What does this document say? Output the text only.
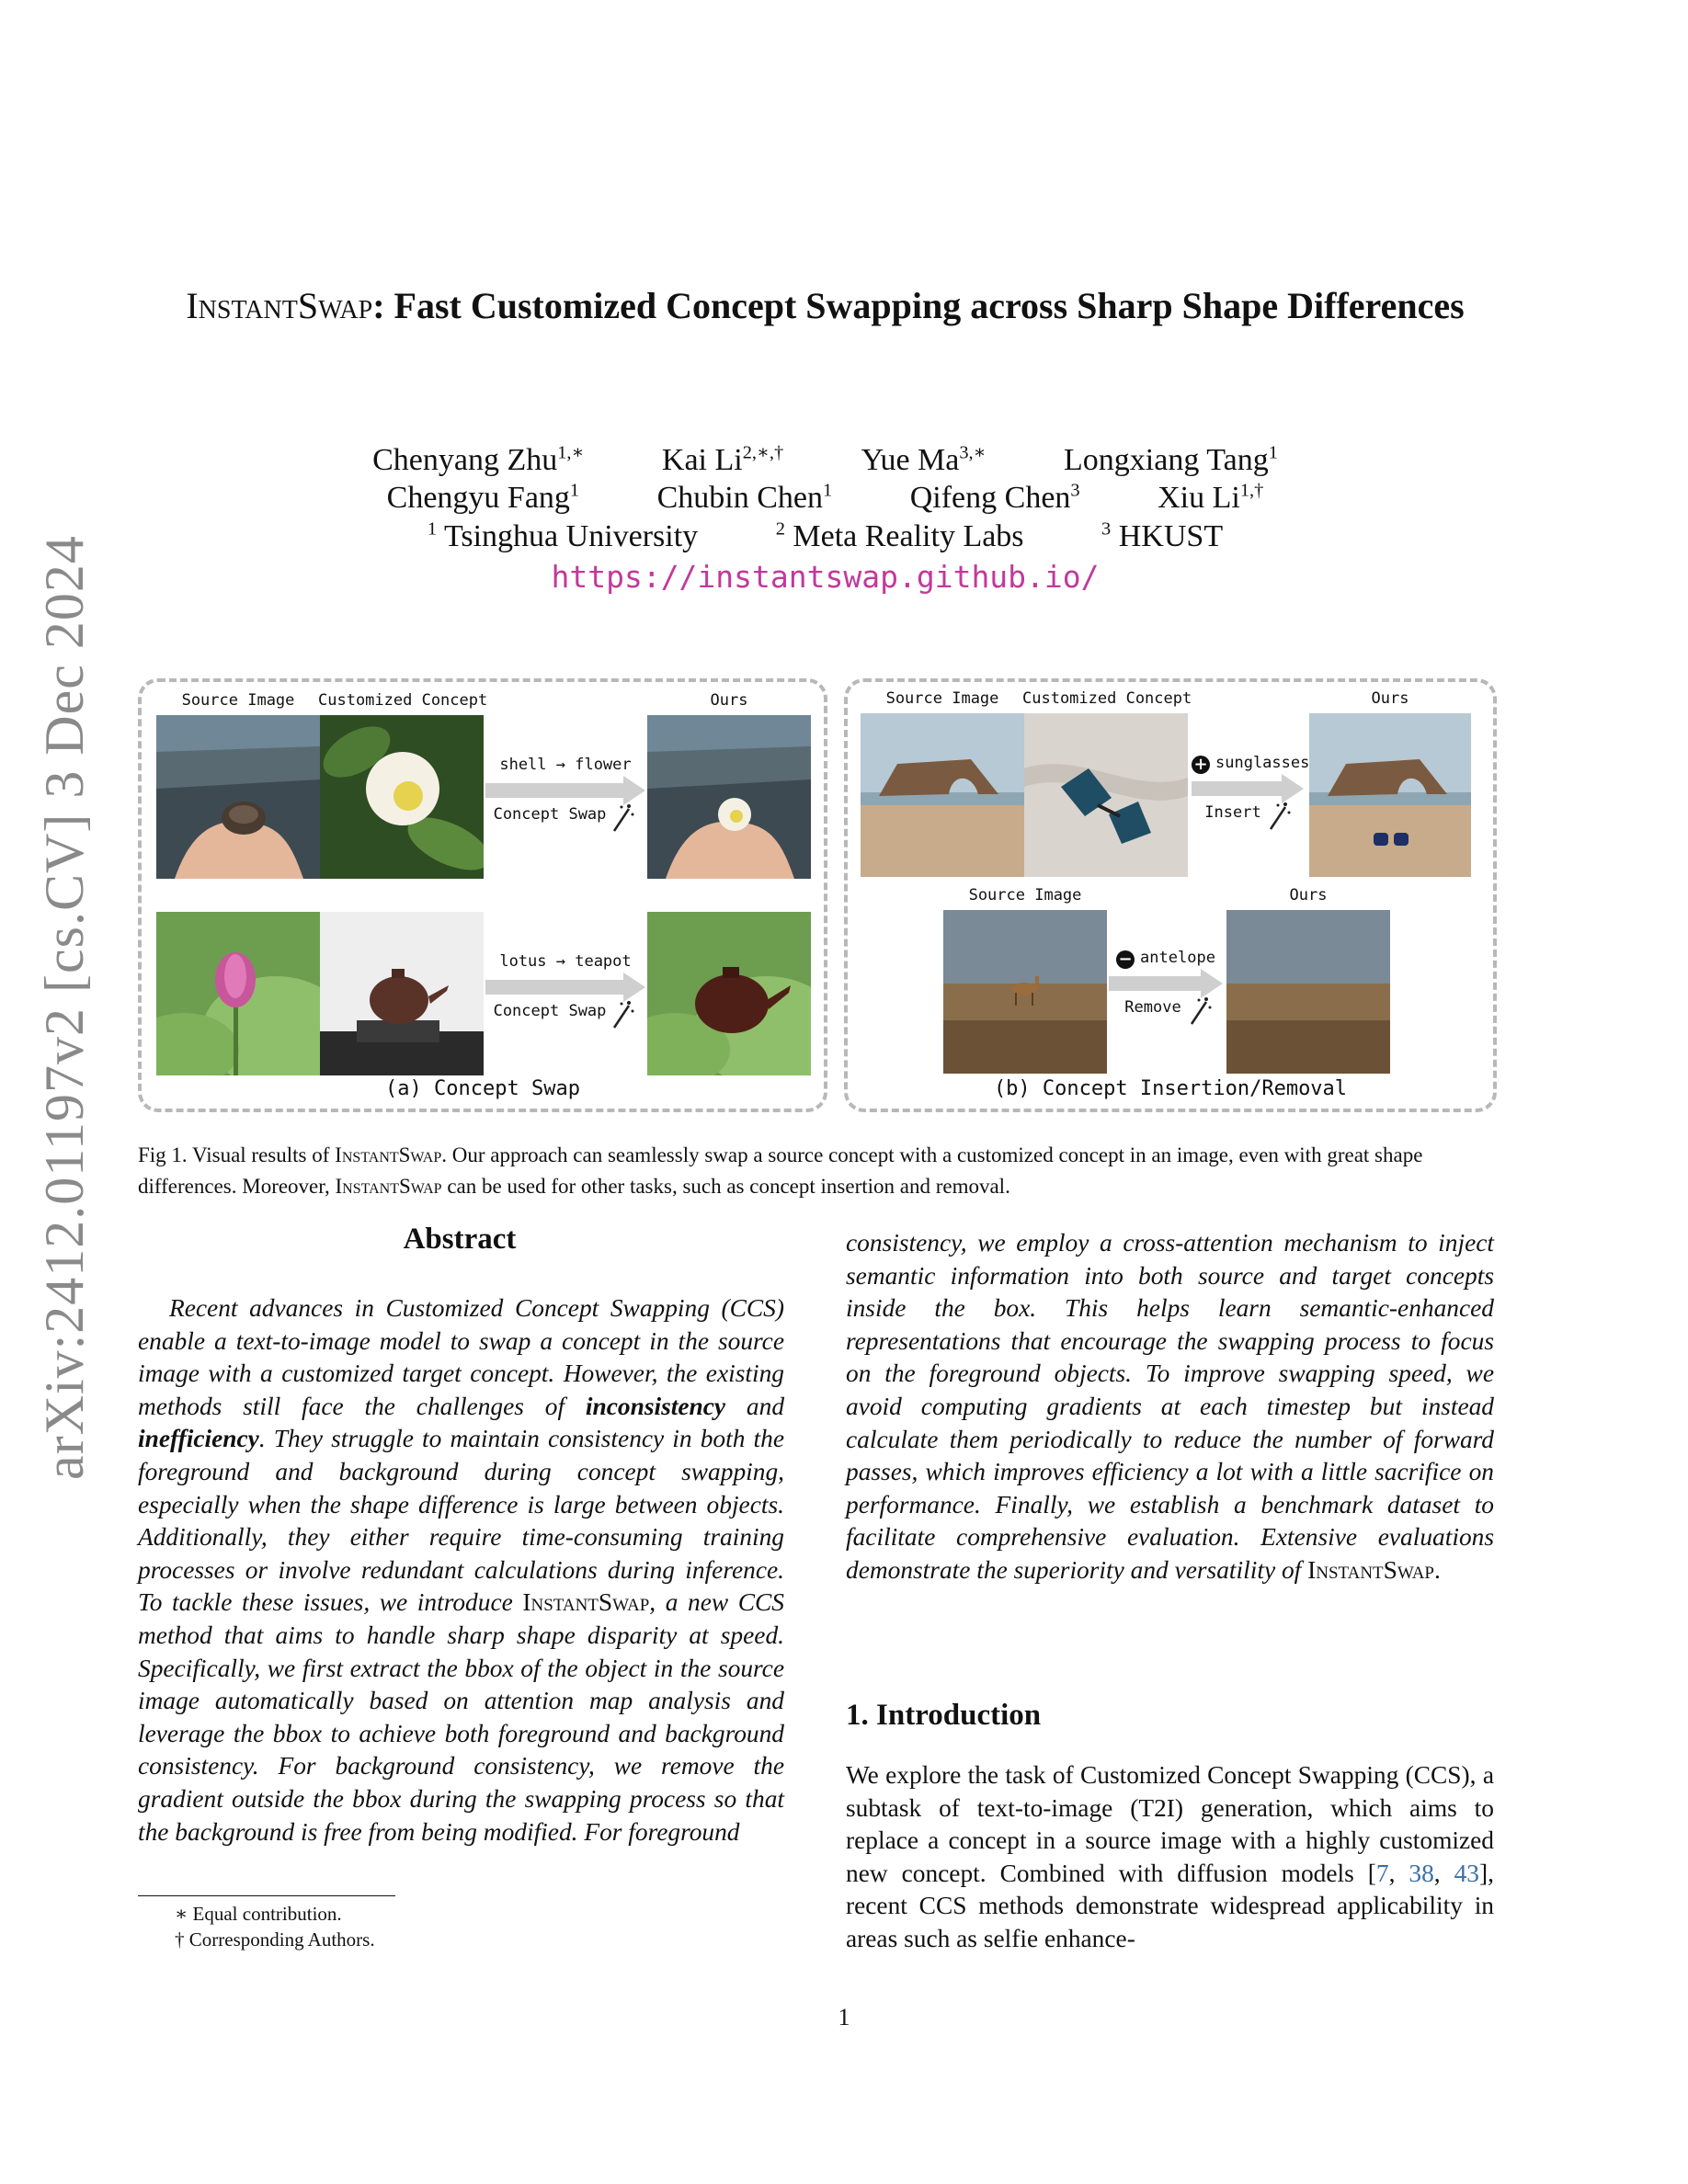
arXiv:2412.01197v2 [cs.CV] 3 Dec 2024
InstantSwap: Fast Customized Concept Swapping across Sharp Shape Differences
Chenyang Zhu$^{1,∗}$ Kai $Li^{2,∗,\dagger}$ Yue $Ma^{3,∗}$ Longxiang Tang$^1$
Chengyu Fang$^1$ Chubin Chen$^1$ Qifeng Chen$^3$ Xiu $Li^{1,\dagger}$
$^1$ Tsinghua University	$^2$ Meta Reality Labs	$^3$ HKUST
https://instantswap.github.io/
Source Image	Customized Concept	Ours
shell → flower
Concept Swap
lotus → teapot
Concept Swap
(a) Concept Swap
Source Image	Customized Concept	Ours
+ sunglasses
Insert
Source Image	Ours
− antelope
Remove
(b) Concept Insertion/Removal
Fig 1. Visual results of InstantSwap. Our approach can seamlessly swap a source concept with a customized concept in an image, even with great shape differences. Moreover, InstantSwap can be used for other tasks, such as concept insertion and removal.
Abstract
Recent advances in Customized Concept Swapping (CCS) enable a text-to-image model to swap a concept in the source image with a customized target concept. However, the existing methods still face the challenges of inconsistency and inefficiency. They struggle to maintain consistency in both the foreground and background during concept swapping, especially when the shape difference is large between objects. Additionally, they either require time-consuming training processes or involve redundant calculations during inference. To tackle these issues, we introduce InstantSwap, a new CCS method that aims to handle sharp shape disparity at speed. Specifically, we first extract the bbox of the object in the source image automatically based on attention map analysis and leverage the bbox to achieve both foreground and background consistency. For background consistency, we remove the gradient outside the bbox during the swapping process so that the background is free from being modified. For foreground
consistency, we employ a cross-attention mechanism to inject semantic information into both source and target concepts inside the box. This helps learn semantic-enhanced representations that encourage the swapping process to focus on the foreground objects. To improve swapping speed, we avoid computing gradients at each timestep but instead calculate them periodically to reduce the number of forward passes, which improves efficiency a lot with a little sacrifice on performance. Finally, we establish a benchmark dataset to facilitate comprehensive evaluation. Extensive evaluations demonstrate the superiority and versatility of InstantSwap.
1. Introduction
We explore the task of Customized Concept Swapping (CCS), a subtask of text-to-image (T2I) generation, which aims to replace a concept in a source image with a highly customized new concept. Combined with diffusion models [7, 38, 43], recent CCS methods demonstrate widespread applicability in areas such as selfie enhance-
∗ Equal contribution.
† Corresponding Authors.
1
